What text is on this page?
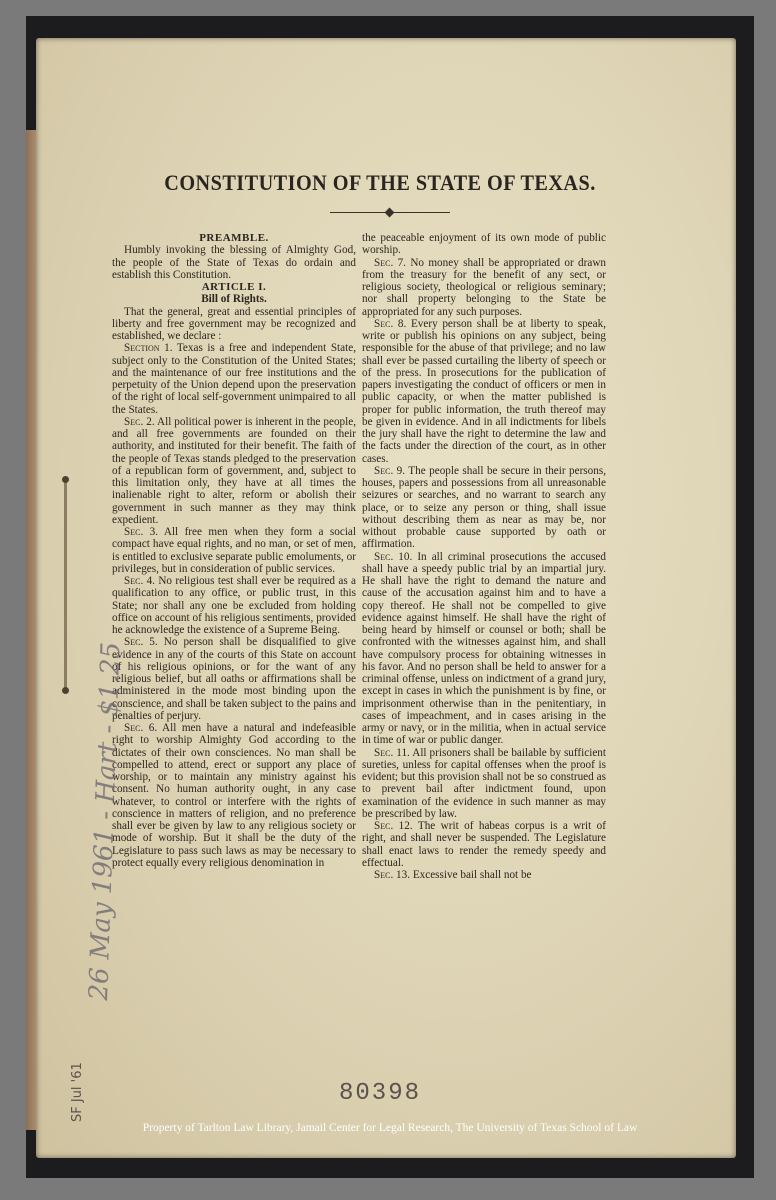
CONSTITUTION OF THE STATE OF TEXAS.

PREAMBLE.

Humbly invoking the blessing of Almighty God, the people of the State of Texas do ordain and establish this Constitution.

ARTICLE I.

Bill of Rights.

That the general, great and essential principles of liberty and free government may be recognized and established, we declare :

Section 1. Texas is a free and independent State, subject only to the Constitution of the United States; and the maintenance of our free institutions and the perpetuity of the Union depend upon the preservation of the right of local self-government unimpaired to all the States.

Sec. 2. All political power is inherent in the people, and all free governments are founded on their authority, and instituted for their benefit. The faith of the people of Texas stands pledged to the preservation of a republican form of government, and, subject to this limitation only, they have at all times the inalienable right to alter, reform or abolish their government in such manner as they may think expedient.

Sec. 3. All free men when they form a social compact have equal rights, and no man, or set of men, is entitled to exclusive separate public emoluments, or privileges, but in consideration of public services.

Sec. 4. No religious test shall ever be required as a qualification to any office, or public trust, in this State; nor shall any one be excluded from holding office on account of his religious sentiments, provided he acknowledge the existence of a Supreme Being.

Sec. 5. No person shall be disqualified to give evidence in any of the courts of this State on account of his religious opinions, or for the want of any religious belief, but all oaths or affirmations shall be administered in the mode most binding upon the conscience, and shall be taken subject to the pains and penalties of perjury.

Sec. 6. All men have a natural and indefeasible right to worship Almighty God according to the dictates of their own consciences. No man shall be compelled to attend, erect or support any place of worship, or to maintain any ministry against his consent. No human authority ought, in any case whatever, to control or interfere with the rights of conscience in matters of religion, and no preference shall ever be given by law to any religious society or mode of worship. But it shall be the duty of the Legislature to pass such laws as may be necessary to protect equally every religious denomination in

the peaceable enjoyment of its own mode of public worship.

Sec. 7. No money shall be appropriated or drawn from the treasury for the benefit of any sect, or religious society, theological or religious seminary; nor shall property belonging to the State be appropriated for any such purposes.

Sec. 8. Every person shall be at liberty to speak, write or publish his opinions on any subject, being responsible for the abuse of that privilege; and no law shall ever be passed curtailing the liberty of speech or of the press. In prosecutions for the publication of papers investigating the conduct of officers or men in public capacity, or when the matter published is proper for public information, the truth thereof may be given in evidence. And in all indictments for libels the jury shall have the right to determine the law and the facts under the direction of the court, as in other cases.

Sec. 9. The people shall be secure in their persons, houses, papers and possessions from all unreasonable seizures or searches, and no warrant to search any place, or to seize any person or thing, shall issue without describing them as near as may be, nor without probable cause supported by oath or affirmation.

Sec. 10. In all criminal prosecutions the accused shall have a speedy public trial by an impartial jury. He shall have the right to demand the nature and cause of the accusation against him and to have a copy thereof. He shall not be compelled to give evidence against himself. He shall have the right of being heard by himself or counsel or both; shall be confronted with the witnesses against him, and shall have compulsory process for obtaining witnesses in his favor. And no person shall be held to answer for a criminal offense, unless on indictment of a grand jury, except in cases in which the punishment is by fine, or imprisonment otherwise than in the penitentiary, in cases of impeachment, and in cases arising in the army or navy, or in the militia, when in actual service in time of war or public danger.

Sec. 11. All prisoners shall be bailable by sufficient sureties, unless for capital offenses when the proof is evident; but this provision shall not be so construed as to prevent bail after indictment found, upon examination of the evidence in such manner as may be prescribed by law.

Sec. 12. The writ of habeas corpus is a writ of right, and shall never be suspended. The Legislature shall enact laws to render the remedy speedy and effectual.

Sec. 13. Excessive bail shall not be

26 May 1961 - Hart - $1.25
SF Jul '61	80398
Property of Tarlton Law Library, Jamail Center for Legal Research, The University of Texas School of Law
